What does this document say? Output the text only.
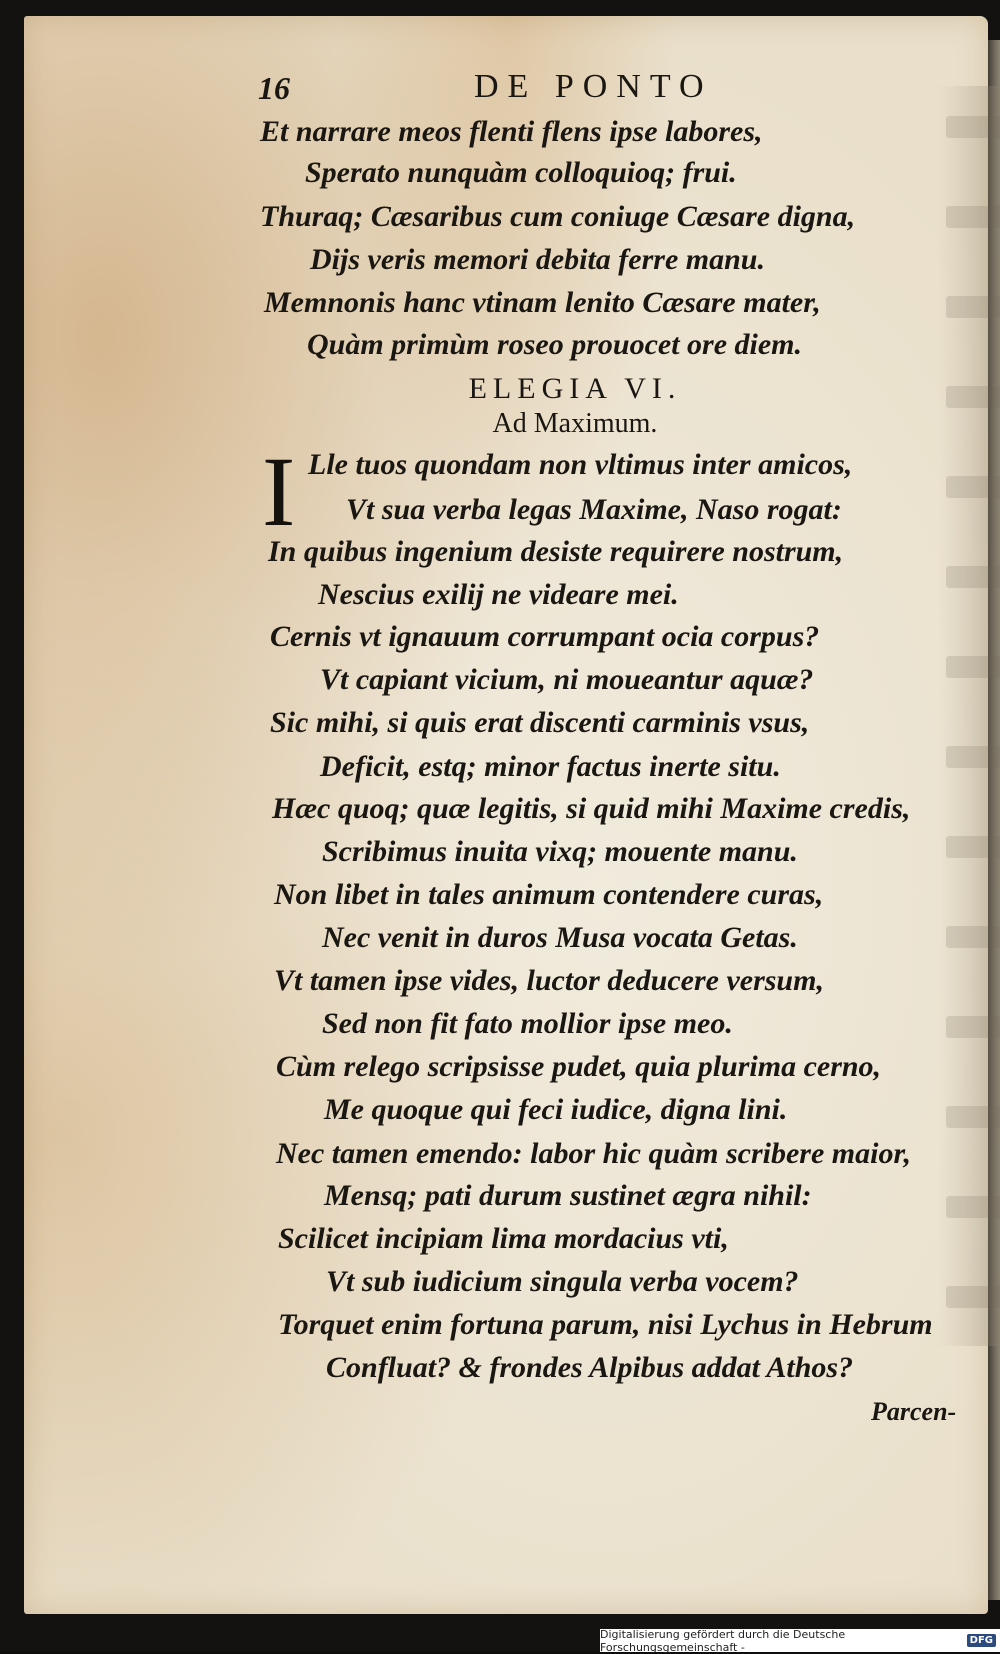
16	DE PONTO
Et narrare meos flenti flens ipse labores,
Sperato nunquàm colloquioq; frui.
Thuraq; Cæsaribus cum coniuge Cæsare digna,
Dijs veris memori debita ferre manu.
Memnonis hanc vtinam lenito Cæsare mater,
Quàm primùm roseo prouocet ore diem.
ELEGIA VI.
Ad Maximum.
I Lle tuos quondam non vltimus inter amicos,
Vt sua verba legas Maxime, Naso rogat:
In quibus ingenium desiste requirere nostrum,
Nescius exilij ne videare mei.
Cernis vt ignauum corrumpant ocia corpus?
Vt capiant vicium, ni moueantur aquæ?
Sic mihi, si quis erat discenti carminis vsus,
Deficit, estq; minor factus inerte situ.
Hæc quoq; quæ legitis, si quid mihi Maxime credis,
Scribimus inuita vixq; mouente manu.
Non libet in tales animum contendere curas,
Nec venit in duros Musa vocata Getas.
Vt tamen ipse vides, luctor deducere versum,
Sed non fit fato mollior ipse meo.
Cùm relego scripsisse pudet, quia plurima cerno,
Me quoque qui feci iudice, digna lini.
Nec tamen emendo: labor hic quàm scribere maior,
Mensq; pati durum sustinet ægra nihil:
Scilicet incipiam lima mordacius vti,
Vt sub iudicium singula verba vocem?
Torquet enim fortuna parum, nisi Lychus in Hebrum
Confluat? & frondes Alpibus addat Athos?
Parcen-
Digitalisierung gefördert durch die Deutsche Forschungsgemeinschaft -	DFG
